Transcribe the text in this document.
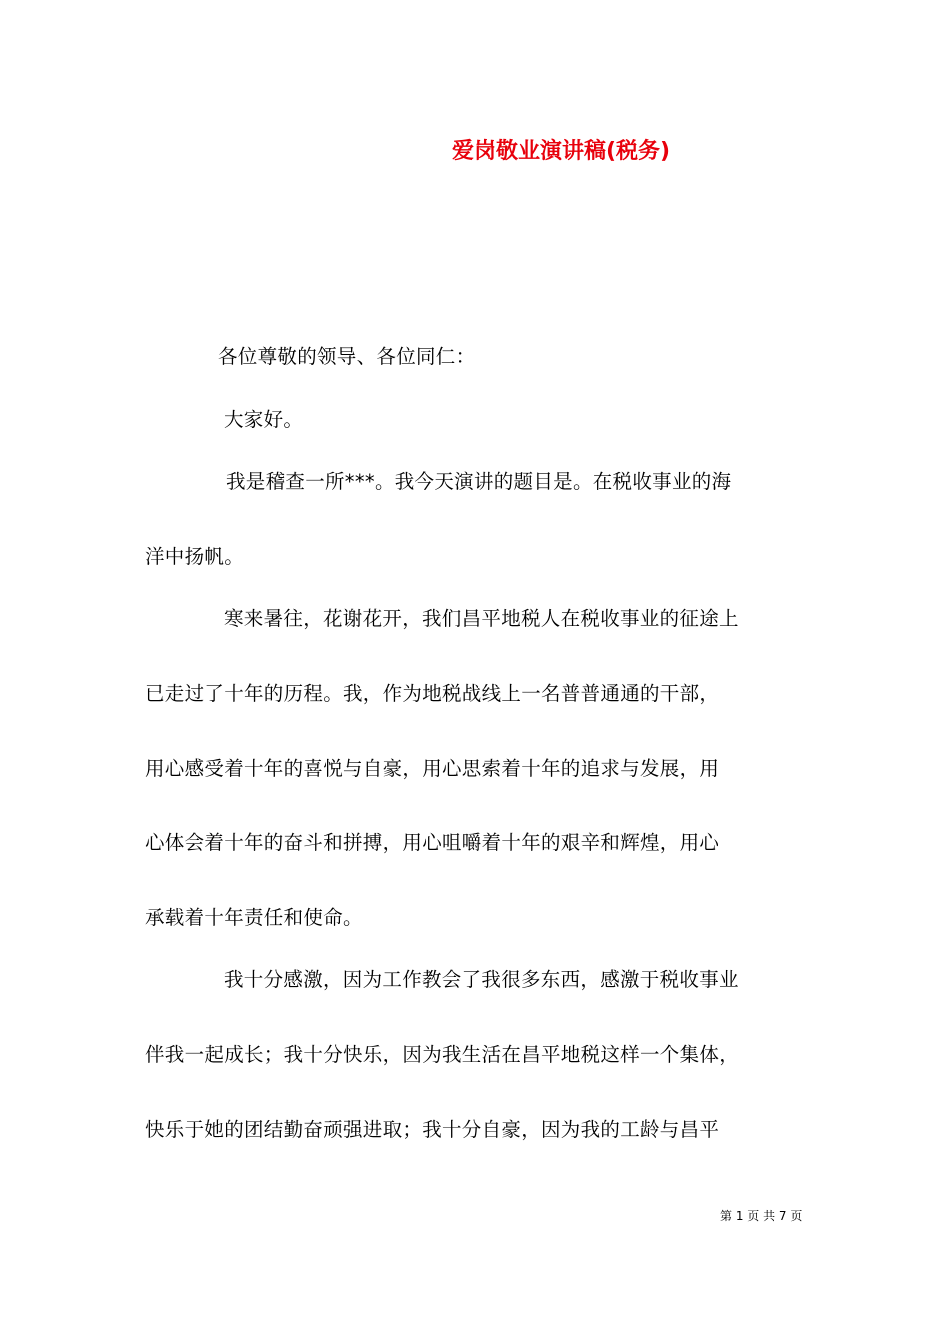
爱岗敬业演讲稿(税务)
各位尊敬的领导、各位同仁：
大家好。
我是稽查一所***。我今天演讲的题目是。在税收事业的海
洋中扬帆。
寒来暑往，花谢花开，我们昌平地税人在税收事业的征途上
已走过了十年的历程。我，作为地税战线上一名普普通通的干部，
用心感受着十年的喜悦与自豪，用心思索着十年的追求与发展，用
心体会着十年的奋斗和拼搏，用心咀嚼着十年的艰辛和辉煌，用心
承载着十年责任和使命。
我十分感激，因为工作教会了我很多东西，感激于税收事业
伴我一起成长；我十分快乐，因为我生活在昌平地税这样一个集体，
快乐于她的团结勤奋顽强进取；我十分自豪，因为我的工龄与昌平
第 1 页 共 7 页
